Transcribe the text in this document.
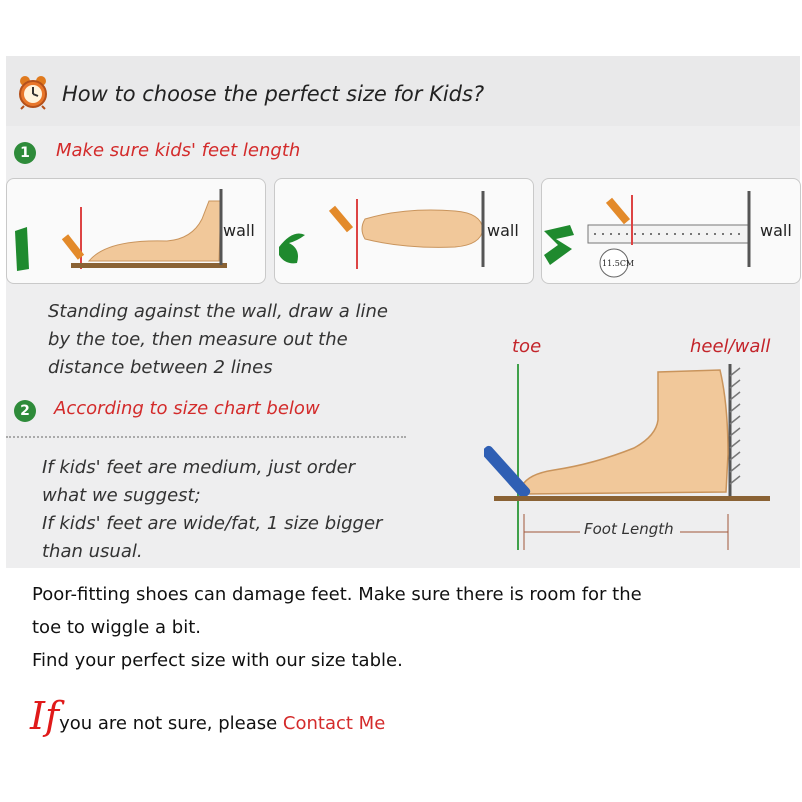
How to choose the perfect size for Kids?
1	Make sure kids' feet length
wall	wall
11.5CM
wall
Standing against the wall, draw a line
by the toe, then measure out the
distance between 2 lines
2	According to size chart below
If kids' feet are medium, just order
what we suggest;
If kids' feet are wide/fat, 1 size bigger
than usual.
toe	heel/wall
Foot Length
Poor-fitting shoes can damage feet. Make sure there is room for the
toe to wiggle a bit.
Find your perfect size with our size table.
Ifyou are not sure, please Contact Me
